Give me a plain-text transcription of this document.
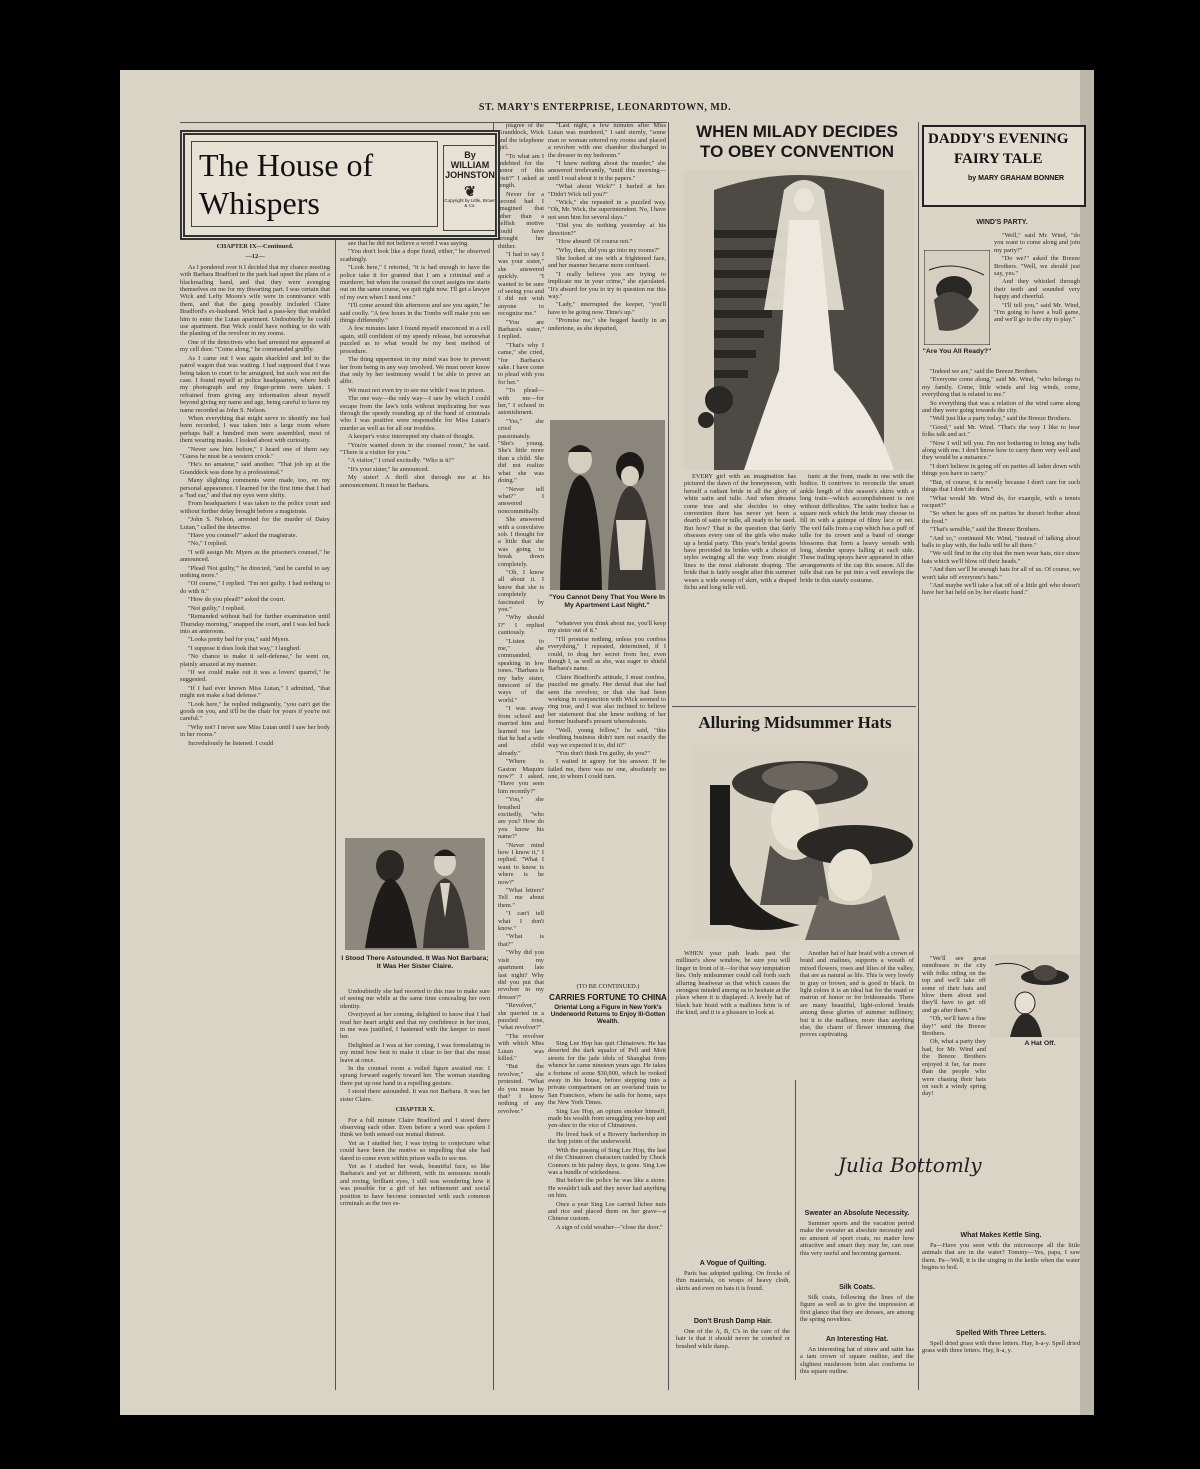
ST. MARY'S ENTERPRISE, LEONARDTOWN, MD.
The House of
Whispers
By WILLIAM JOHNSTON
❦
Copyright by Little, Brown & Co.

CHAPTER IX—Continued.

—12—

As I pondered over it I decided that my chance meeting with Barbara Bradford in the park had upset the plans of a blackmailing band, and that they were avenging themselves on me for my thwarting part. I was certain that Wick and Lefty Moore's wife were in connivance with them, and that the gang possibly included Claire Bradford's ex-husband. Wick had a pass-key that enabled him to enter the Lutan apartment. Undoubtedly he could use apartment. But Wick could have nothing to do with the planting of the revolver in my rooms.

One of the detectives who had arrested me appeared at my cell door. "Come along," he commanded gruffly.

As I came out I was again shackled and led to the patrol wagon that was waiting. I had supposed that I was being taken to court to be arraigned, but such was not the case. I found myself at police headquarters, where both my photograph and my finger-prints were taken. I refrained from giving any information about myself beyond giving my name and age, being careful to have my name recorded as John S. Nelson.

When everything that might serve to identify me had been recorded, I was taken into a large room where perhaps half a hundred men were assembled, most of them wearing masks. I looked about with curiosity.

"Never saw him before," I heard one of them say. "Guess he must be a western crook."

"He's no amateur," said another. "That job up at the Granddeck was done by a professional."

Many slighting comments were made, too, on my personal appearance. I learned for the first time that I had a "bad ear," and that my eyes were shifty.

From headquarters I was taken to the police court and without further delay brought before a magistrate.

"John S. Nelson, arrested for the murder of Daisy Lutan," called the detective.

"Have you counsel?" asked the magistrate.

"No," I replied.

"I will assign Mr. Myers as the prisoner's counsel," he announced.

"Plead 'Not guilty,'" he directed, "and be careful to say nothing more."

"Of course," I replied. "I'm not guilty. I had nothing to do with it."

"How do you plead?" asked the court.

"Not guilty," I replied.

"Remanded without bail for further examination until Thursday morning," snapped the court, and I was led back into an anteroom.

"Looks pretty bad for you," said Myers.

"I suppose it does look that way," I laughed.

"No chance to make it self-defense," he went on, plainly amazed at my manner.

"If we could make out it was a lovers' quarrel," he suggested.

"If I had ever known Miss Lutan," I admitted, "that might not make a bad defense."

"Look here," he replied indignantly, "you can't get the goods on you, and it'll be the chair for yours if you're not careful."

"Why not? I never saw Miss Lutan until I saw her body in her rooms."

Incredulously he listened. I could

see that he did not believe a word I was saying.

"You don't look like a dope fiend, either," he observed scathingly.

"Look here," I retorted, "it is bad enough to have the police take it for granted that I am a criminal and a murderer, but when the counsel the court assigns me starts out on the same course, we quit right now. I'll get a lawyer of my own when I need one."

"I'll come around this afternoon and see you again," he said coolly. "A few hours in the Tombs will make you see things differently."

A few minutes later I found myself ensconced in a cell again, still confident of my speedy release, but somewhat puzzled as to what would be my best method of procedure.

The thing uppermost in my mind was how to prevent her from being in any way involved. We must never know that only by her testimony would I be able to prove an alibi.

We must not even try to see me while I was in prison.

The one way—the only way—I saw by which I could escape from the law's toils without implicating her was through the speedy rounding up of the band of criminals who I was positive were responsible for Miss Lutan's murder as well as for all our troubles.

A keeper's voice interrupted my chain of thought.

"You're wanted down in the counsel room," he said. "There is a visitor for you."

"A visitor," I cried excitedly. "Who is it?"

"It's your sister," he announced.

My sister! A thrill shot through me at his announcement. It must be Barbara.

I Stood There Astounded. It Was Not Barbara; It Was Her Sister Claire.

Undoubtedly she had resorted to this ruse to make sure of seeing me while at the same time concealing her own identity.

Overjoyed at her coming, delighted to know that I had read her heart aright and that my confidence in her trust, in me was justified, I hastened with the keeper to meet her.

Delighted as I was at her coming, I was formulating in my mind how best to make it clear to her that she must leave at once.

In the counsel room a veiled figure awaited me. I sprang forward eagerly toward her. The woman standing there put up one hand in a repelling gesture.

I stood there astounded. It was not Barbara. It was her sister Claire.

CHAPTER X.

For a full minute Claire Bradford and I stood there observing each other. Even before a word was spoken I think we both sensed our mutual distrust.

Yet as I studied her, I was trying to conjecture what could have been the motive so impelling that she had dared to come even within prison walls to see me.

Yet as I studied her weak, beautiful face, so like Barbara's and yet so different, with its sensuous mouth and roving, brilliant eyes, I still was wondering how it was possible for a girl of her refinement and social position to have become connected with such common criminals as the two es-

pisgree of the Granddock, Wick and the telephone girl.

"To what am I indebted for the honor of this visit?" I asked at length.

Never for a second had I imagined that other than a selfish motive could have brought her thither.

"I had to say I was your sister," she answered quickly. "I wanted to be sure of seeing you and I did not wish anyone to recognize me."

"You are Barbara's sister," I replied.

"That's why I came," she cried, "for Barbara's sake. I have come to plead with you for her."

"To plead—with me—for her," I echoed in astonishment.

"Yes," she cried passionately. "She's young. She's little more than a child. She did not realize what she was doing."

"Never tell what?" I answered noncommittally.

She answered with a convulsive sob. I thought for a little that she was going to break down completely.

"Oh, I know all about it. I know that she is completely fascinated by you."

"Why should I?" I replied cautiously.

"Listen to me," she commanded, speaking in low tones. "Barbara is my baby sister, innocent of the ways of the world."

"I was away from school and married him and learned too late that he had a wife and child already."

"Where is Gaston Maquire now?" I asked. "Have you seen him recently?"

"You," she breathed excitedly, "who are you? How do you know his name?"

"Never mind how I know it," I replied. "What I want to know is where is he now?"

"What letters? Tell me about them."

"I can't tell what I don't know."

"What is that?"

"Why did you visit my apartment late last night? Why did you put that revolver in my dresser?"

"Revolver," she queried in a puzzled tone, "what revolver?"

"The revolver with which Miss Lutan was killed."

"But the revolver," she protested. "What do you mean by that? I know nothing of any revolver."

"Last night, a few minutes after Miss Lutan was murdered," I said sternly, "some man or woman entered my rooms and placed a revolver with one chamber discharged in the dresser in my bedroom."

"I knew nothing about the murder," she answered irrelevantly, "until this morning—until I read about it in the papers."

"What about Wick?" I hurled at her. "Didn't Wick tell you?"

"Wick," she repeated in a puzzled way. "Oh, Mr. Wick, the superintendent. No, I have not seen him for several days."

"Did you do nothing yesterday at his direction?"

"How absurd! Of course not."

"Why, then, did you go into my rooms?"

She looked at me with a frightened face, and her manner became more confused.

"I really believe you are trying to implicate me in your crime," she ejaculated. "It's absurd for you to try to question me this way."

"Lady," interrupted the keeper, "you'll have to be going now. Time's up."

"Promise me," she begged hastily in an undertone, as she departed,

"You Cannot Deny That You Were In My Apartment Last Night."

"whatever you think about me, you'll keep my sister out of it."

"I'll promise nothing, unless you confess everything," I repeated, determined, if I could, to drag her secret from her, even though I, as well as she, was eager to shield Barbara's name.

Claire Bradford's attitude, I must confess, puzzled me greatly. Her denial that she had seen the revolver, or that she had been working in conjunction with Wick seemed to ring true, and I was also inclined to believe her statement that she knew nothing of her former husband's present whereabouts.

"Well, young fellow," he said, "this sleuthing business didn't turn out exactly the way we expected it to, did it?"

"You don't think I'm guilty, do you?"

I waited in agony for his answer. If he failed me, there was no one, absolutely no one, to whom I could turn.

(TO BE CONTINUED.)
CARRIES FORTUNE TO CHINA
Oriental Long a Figure in New York's Underworld Returns to Enjoy Ill-Gotten Wealth.

Sing Lee Hop has quit Chinatown. He has deserted the dark squalor of Pell and Mott streets for the jade idols of Shanghai from whence he came nineteen years ago. He takes a fortune of some $30,000, which he rooked away in his house, before stepping into a private compartment on an overland train to San Francisco, where he sails for home, says the New York Times.

Sing Lee Hop, an opium smoker himself, made his wealth from smuggling yen-hop and yen-shee to the vice of Chinatown.

He lived back of a Bowery barbershop in the hop joints of the underworld.

With the passing of Sing Lee Hop, the last of the Chinatown characters raided by Chuck Connors in his palmy days, is gone. Sing Lee was a bundle of wickedness.

But before the police he was like a stone. He wouldn't talk and they never had anything on him.

Once a year Sing Lee carried lichee nuts and rice and placed them on her grave—a Chinese custom.

A sign of cold weather—"close the door."

WHEN MILADY DECIDES
TO OBEY CONVENTION

EVERY girl with an imagination has pictured the dawn of the honeymoon, with herself a radiant bride in all the glory of white satin and tulle. And when dreams come true and she decides to obey convention there has never yet been a dearth of satin or tulle, all ready to be used. But how? That is the question that fairly obsesses every one of the girls who make up a bridal party. This year's bridal gowns have provided its brides with a choice of styles swinging all the way from straight lines to the most elaborate draping. The bride that is fairly sought after this summer wears a wide sweep of skirt, with a draped fichu and long tulle veil.

tunic at the front, made in one with the bodice. It contrives to reconcile the smart ankle length of this season's skirts with a long train—which accomplishment is not without difficulties. The satin bodice has a square neck which the bride may choose to fill in with a guimpe of filmy lace or net. The veil falls from a cup which has a puff of tulle for its crown and a band of orange blossoms that form a heavy wreath with long, slender sprays falling at each side. These trailing sprays have appeared in other arrangements of the cap this season. All the tulle that can be put into a veil envelops the bride in this stately costume.

Alluring Midsummer Hats

WHEN your path leads past the milliner's show window, be sure you will linger in front of it—for that way temptation lies. Only midsummer could call forth such alluring headwear as that which causes the strongest minded among us to hesitate at the place where it is displayed. A lovely hat of black hair braid with a mallines brim is of the kind, and it is a pleasure to look at.

Another hat of hair braid with a crown of braid and malines, supports a wreath of mixed flowers, roses and lilies of the valley, that are as natural as life. This is very lovely in gray or brown, and is good in black. In light colors it is an ideal hat for the maid or matron of honor or for bridesmaids. There are many beautiful, light-colored braids among these glories of summer millinery, but it is the mallines, more than anything else, the charm of flower trimming that proves captivating.

Julia Bottomly
Sweater an Absolute Necessity.

Summer sports and the vacation period make the sweater an absolute necessity and no amount of sport coats, no matter how attractive and smart they may be, can oust this very useful and becoming garment.

Silk Coats.

Silk coats, following the lines of the figure as well as to give the impression at first glance that they are dresses, are among the spring novelties.

An Interesting Hat.

An interesting hat of straw and satin has a tam crown of square outline, and the slightest mushroom brim also conforms to this square outline.

A Vogue of Quilting.

Paris has adopted quilting. On frocks of thin materials, on wraps of heavy cloth, skirts and even on hats it is found.

Don't Brush Damp Hair.

One of the A, B, C's in the care of the hair is that it should never be combed or brushed while damp.

DADDY'S EVENING
FAIRY TALE
by MARY GRAHAM BONNER
WIND'S PARTY.
"Are You All Ready?"

"Well," said Mr. Wind, "do you want to come along and join my party?"

"Do we?" asked the Breeze Brothers. "Well, we should just say, yes."

And they whistled through their teeth and sounded very happy and cheerful.

"I'll tell you," said Mr. Wind, "I'm going to have a bull game, and we'll go to the city to play."

"Indeed we are," said the Breeze Brothers.

"Everyone come along," said Mr. Wind, "who belongs to my family. Come, little winds and big winds, come, everything that is related to me."

So everything that was a relation of the wind came along and they were going towards the city.

"Well just like a party today," said the Breeze Brothers.

"Good," said Mr. Wind. "That's the way I like to hear folks talk and act."

"Now I will tell you. I'm not bothering to bring any balls along with me. I don't know how to carry them very well and they would be a nuisance."

"I don't believe in going off on parties all laden down with things you have to carry."

"But, of course, it is mostly because I don't care for such things that I don't do them."

"What would Mr. Wind do, for example, with a tennis racquet?"

"So when he goes off on parties he doesn't bother about the food."

"That's sensible," said the Breeze Brothers.

"And so," continued Mr. Wind, "instead of talking about balls to play with, the balls will be all there."

"We will find in the city that the men wear hats, nice straw hats which we'll blow off their heads."

"And then we'll be enough hats for all of us. Of course, we won't take off everyone's hats."

"And maybe we'll take a hat off of a little girl who doesn't have her hat held on by her elastic band."

A Hat Off.

"We'll see great omnibuses in the city with folks riding on the top and we'll take off some of their hats and blow them about and they'll have to get off and go after them."

"Oh, we'll have a fine day!" said the Breeze Brothers.

Oh, what a party they had, for Mr. Wind and the Breeze Brothers enjoyed it far, far more than the people who were chasing their hats on such a windy spring day!

What Makes Kettle Sing.

Pa—Have you seen with the microscope all the little animals that are in the water? Tommy—Yes, papa, I saw them. Pa—Well, it is the singing in the kettle when the water begins to boil.

Spelled With Three Letters.

Spell dried grass with three letters. Hay, h-a-y. Spell dried grass with three letters. Hay, h-a, y.
